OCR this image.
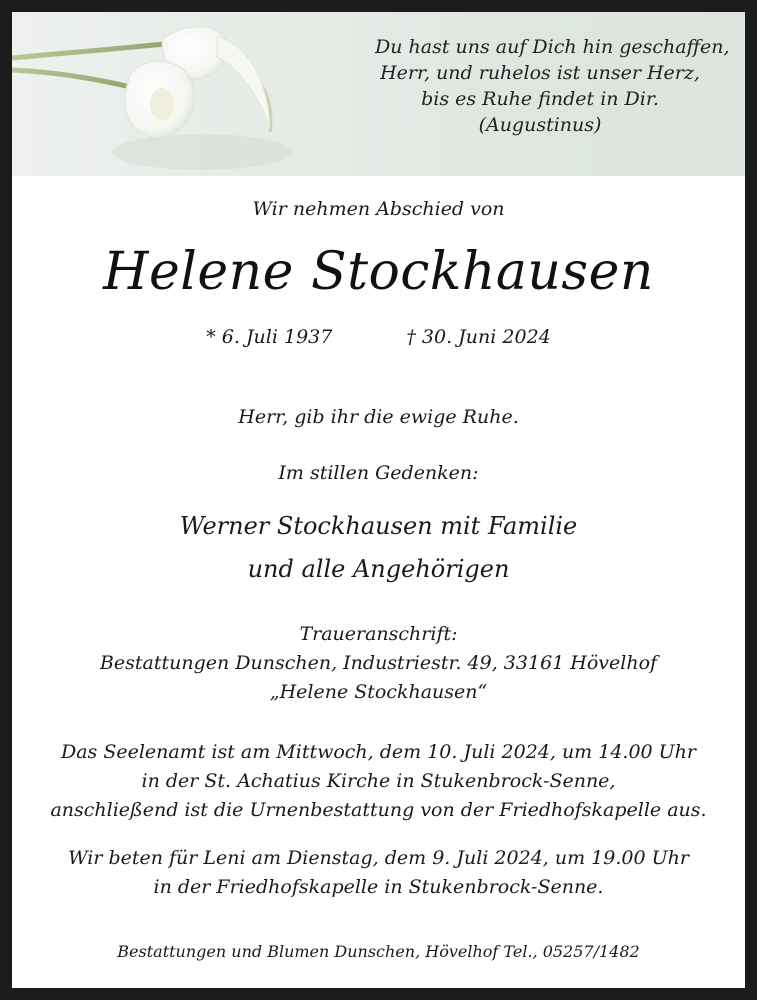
Du hast uns auf Dich hin geschaffen,
Herr, und ruhelos ist unser Herz,
bis es Ruhe findet in Dir.
(Augustinus)
Wir nehmen Abschied von
Helene Stockhausen
* 6. Juli 1937	† 30. Juni 2024
Herr, gib ihr die ewige Ruhe.
Im stillen Gedenken:
Werner Stockhausen mit Familie
und alle Angehörigen
Traueranschrift:
Bestattungen Dunschen, Industriestr. 49, 33161 Hövelhof
„Helene Stockhausen“
Das Seelenamt ist am Mittwoch, dem 10. Juli 2024, um 14.00 Uhr
in der St. Achatius Kirche in Stukenbrock-Senne,
anschließend ist die Urnenbestattung von der Friedhofskapelle aus.
Wir beten für Leni am Dienstag, dem 9. Juli 2024, um 19.00 Uhr
in der Friedhofskapelle in Stukenbrock-Senne.
Bestattungen und Blumen Dunschen, Hövelhof Tel., 05257/1482
